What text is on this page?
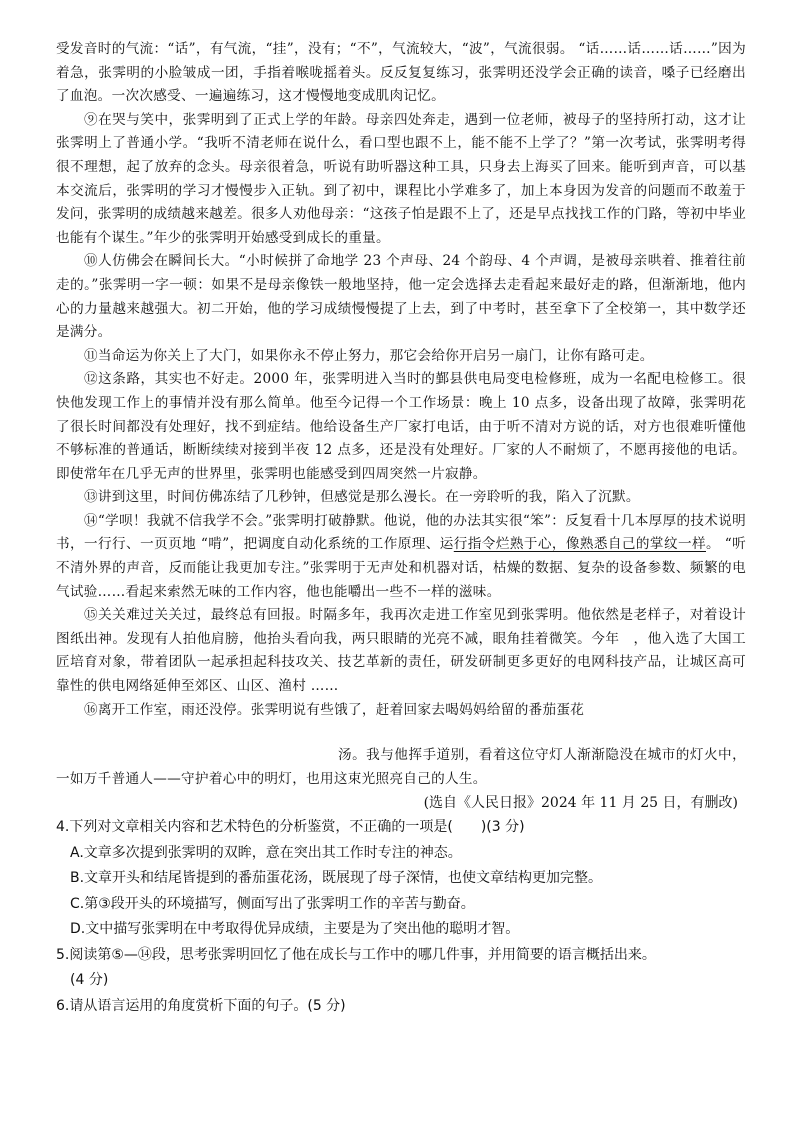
受发音时的气流：“话”，有气流，“挂”，没有；“不”，气流较大，“波”，气流很弱。 “话……话……话……”因为着急，张霁明的小脸皱成一团，手指着喉咙摇着头。反反复复练习，张霁明还没学会正确的读音，嗓子已经磨出了血泡。一次次感受、一遍遍练习，这才慢慢地变成肌肉记忆。

⑨在哭与笑中，张霁明到了正式上学的年龄。母亲四处奔走，遇到一位老师，被母子的坚持所打动，这才让张霁明上了普通小学。“我听不清老师在说什么，看口型也跟不上，能不能不上学了？”第一次考试，张霁明考得很不理想，起了放弃的念头。母亲很着急，听说有助听器这种工具，只身去上海买了回来。能听到声音，可以基本交流后，张霁明的学习才慢慢步入正轨。到了初中，课程比小学难多了，加上本身因为发音的问题而不敢羞于发问，张霁明的成绩越来越差。很多人劝他母亲：“这孩子怕是跟不上了，还是早点找找工作的门路，等初中毕业也能有个谋生。”年少的张霁明开始感受到成长的重量。

⑩人仿佛会在瞬间长大。“小时候拼了命地学 23 个声母、24 个韵母、4 个声调，是被母亲哄着、推着往前走的。”张霁明一字一顿：如果不是母亲像铁一般地坚持，他一定会选择去走看起来最好走的路，但渐渐地，他内心的力量越来越强大。初二开始，他的学习成绩慢慢提了上去，到了中考时，甚至拿下了全校第一，其中数学还是满分。

⑪当命运为你关上了大门，如果你永不停止努力，那它会给你开启另一扇门，让你有路可走。

⑫这条路，其实也不好走。2000 年，张霁明进入当时的鄞县供电局变电检修班，成为一名配电检修工。很快他发现工作上的事情并没有那么简单。他至今记得一个工作场景：晚上 10 点多，设备出现了故障，张霁明花了很长时间都没有处理好，找不到症结。他给设备生产厂家打电话，由于听不清对方说的话，对方也很难听懂他不够标准的普通话，断断续续对接到半夜 12 点多，还是没有处理好。厂家的人不耐烦了，不愿再接他的电话。即使常年在几乎无声的世界里，张霁明也能感受到四周突然一片寂静。

⑬讲到这里，时间仿佛冻结了几秒钟，但感觉是那么漫长。在一旁聆听的我，陷入了沉默。

⑭“学呗！我就不信我学不会。”张霁明打破静默。他说，他的办法其实很“笨”：反复看十几本厚厚的技术说明书，一行行、一页页地 “啃”，把调度自动化系统的工作原理、运行指令烂熟于心，像熟悉自己的掌纹一样。 “听不清外界的声音，反而能让我更加专注。”张霁明于无声处和机器对话，枯燥的数据、复杂的设备参数、频繁的电气试验……看起来索然无味的工作内容，他也能嚼出一些不一样的滋味。

⑮关关难过关关过，最终总有回报。时隔多年，我再次走进工作室见到张霁明。他依然是老样子，对着设计图纸出神。发现有人拍他肩膀，他抬头看向我，两只眼睛的光亮不减，眼角挂着微笑。今年　，他入选了大国工匠培育对象，带着团队一起承担起科技攻关、技艺革新的责任，研发研制更多更好的电网科技产品，让城区高可靠性的供电网络延伸至郊区、山区、渔村 ……

⑯离开工作室，雨还没停。张霁明说有些饿了，赶着回家去喝妈妈给留的番茄蛋花

汤。我与他挥手道别，看着这位守灯人渐渐隐没在城市的灯火中，一如万千普通人——守护着心中的明灯，也用这束光照亮自己的人生。

(选自《人民日报》2024 年 11 月 25 日，有删改)

4.下列对文章相关内容和艺术特色的分析鉴赏，不正确的一项是(　　)(3 分)

A.文章多次提到张霁明的双眸，意在突出其工作时专注的神态。

B.文章开头和结尾皆提到的番茄蛋花汤，既展现了母子深情，也使文章结构更加完整。

C.第③段开头的环境描写，侧面写出了张霁明工作的辛苦与勤奋。

D.文中描写张霁明在中考取得优异成绩，主要是为了突出他的聪明才智。

5.阅读第⑤—⑭段，思考张霁明回忆了他在成长与工作中的哪几件事，并用简要的语言概括出来。

(4 分)

6.请从语言运用的角度赏析下面的句子。(5 分)
